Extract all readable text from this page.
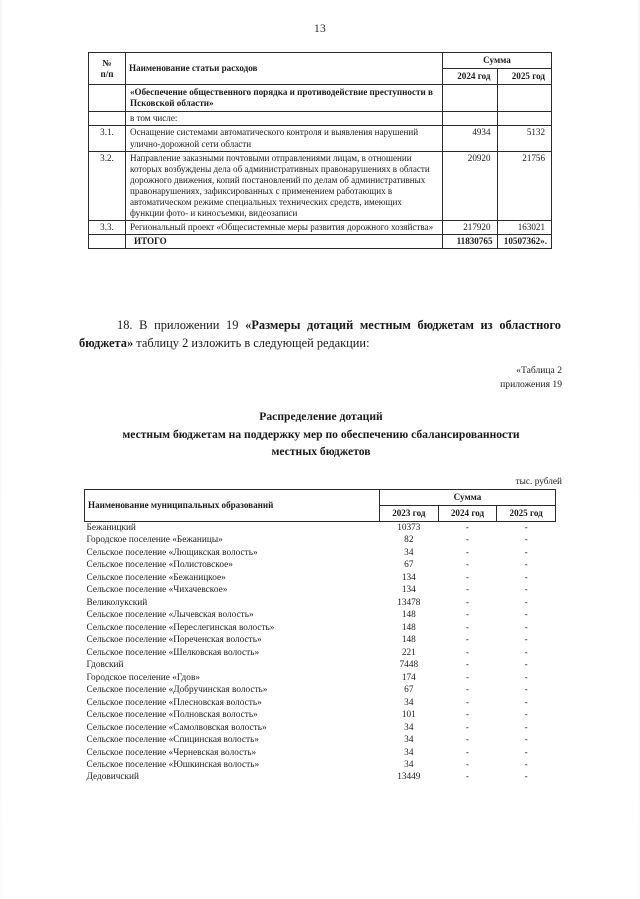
13
№
п/п	Наименование статьи расходов	Сумма	
		2024 год	2025 год
	«Обеспечение общественного порядка и противодействие преступности в Псковской области»		
	в том числе:		
3.1.	Оснащение системами автоматического контроля и выявления нарушений улично-дорожной сети области	4934	5132
3.2.	Направление заказными почтовыми отправлениями лицам, в отношении которых возбуждены дела об административных правонарушениях в области дорожного движения, копий постановлений по делам об административных правонарушениях, зафиксированных с применением работающих в автоматическом режиме специальных технических средств, имеющих функции фото- и киносъемки, видеозаписи	20920	21756
3.3.	Региональный проект «Общесистемные меры развития дорожного хозяйства»	217920	163021
	ИТОГО	11830765	10507362».
18. В приложении 19 «Размеры дотаций местным бюджетам из областного бюджета» таблицу 2 изложить в следующей редакции:
«Таблица 2
приложения 19
Распределение дотаций
местным бюджетам на поддержку мер по обеспечению сбалансированности
местных бюджетов
тыс. рублей
Наименование муниципальных образований	Сумма		
	2023 год	2024 год	2025 год
Бежаницкий	10373	-	-
Городское поселение «Бежаницы»	82	-	-
Сельское поселение «Лющикская волость»	34	-	-
Сельское поселение «Полистовское»	67	-	-
Сельское поселение «Бежаницкое»	134	-	-
Сельское поселение «Чихачевское»	134	-	-
Великолукский	13478	-	-
Сельское поселение «Лычевская волость»	148	-	-
Сельское поселение «Переслегинская волость»	148	-	-
Сельское поселение «Пореченская волость»	148	-	-
Сельское поселение «Шелковская волость»	221	-	-
Гдовский	7448	-	-
Городское поселение «Гдов»	174	-	-
Сельское поселение «Добручинская волость»	67	-	-
Сельское поселение «Плесновская волость»	34	-	-
Сельское поселение «Полновская волость»	101	-	-
Сельское поселение «Самолвовская волость»	34	-	-
Сельское поселение «Спицинская волость»	34	-	-
Сельское поселение «Черневская волость»	34	-	-
Сельское поселение «Юшкинская волость»	34	-	-
Дедовичский	13449	-	-
